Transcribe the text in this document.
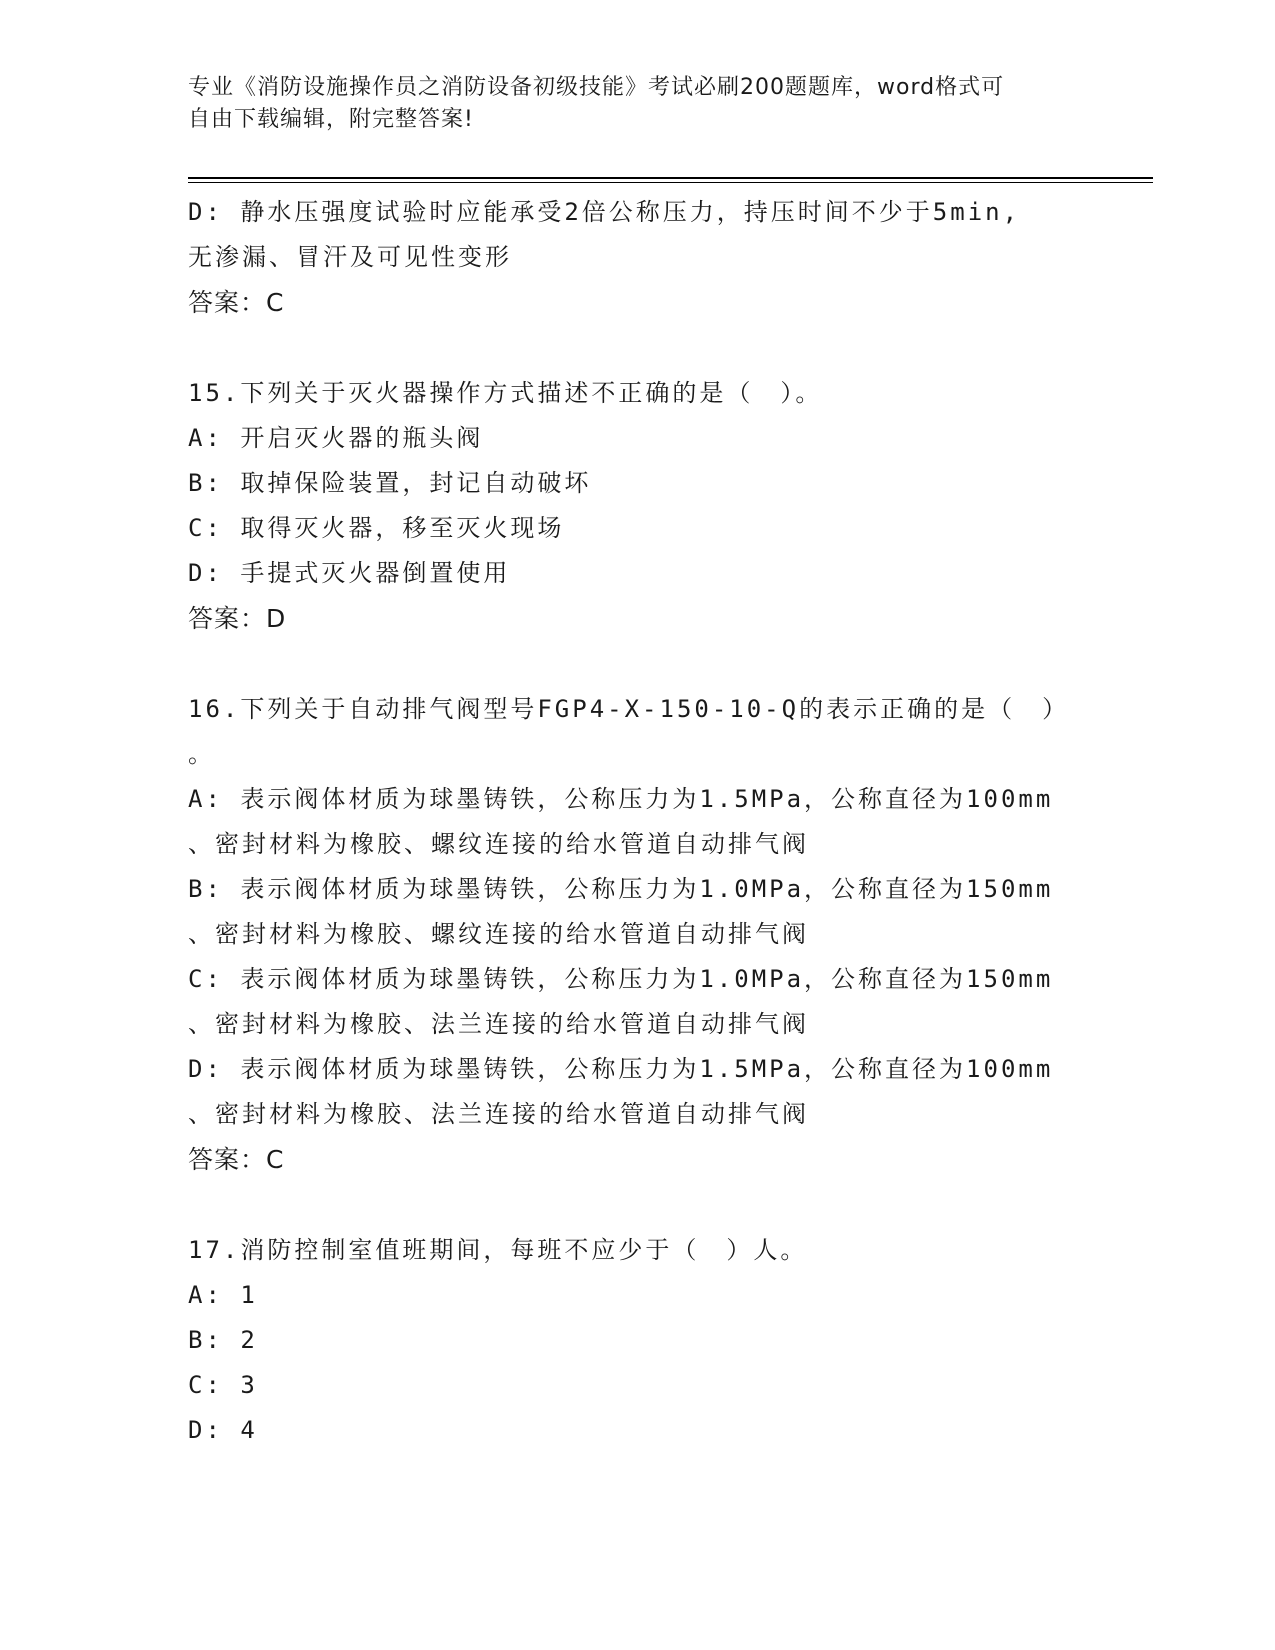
专业《消防设施操作员之消防设备初级技能》考试必刷200题题库，word格式可
自由下载编辑，附完整答案!
D: 静水压强度试验时应能承受2倍公称压力，持压时间不少于5min,
无渗漏、冒汗及可见性变形
答案：C
15.下列关于灭火器操作方式描述不正确的是（　）。
A: 开启灭火器的瓶头阀
B: 取掉保险装置，封记自动破坏
C: 取得灭火器，移至灭火现场
D: 手提式灭火器倒置使用
答案：D
16.下列关于自动排气阀型号FGP4-X-150-10-Q的表示正确的是（　）
。
A: 表示阀体材质为球墨铸铁，公称压力为1.5MPa，公称直径为100mm
、密封材料为橡胶、螺纹连接的给水管道自动排气阀
B: 表示阀体材质为球墨铸铁，公称压力为1.0MPa，公称直径为150mm
、密封材料为橡胶、螺纹连接的给水管道自动排气阀
C: 表示阀体材质为球墨铸铁，公称压力为1.0MPa，公称直径为150mm
、密封材料为橡胶、法兰连接的给水管道自动排气阀
D: 表示阀体材质为球墨铸铁，公称压力为1.5MPa，公称直径为100mm
、密封材料为橡胶、法兰连接的给水管道自动排气阀
答案：C
17.消防控制室值班期间，每班不应少于（　）人。
A: 1
B: 2
C: 3
D: 4
